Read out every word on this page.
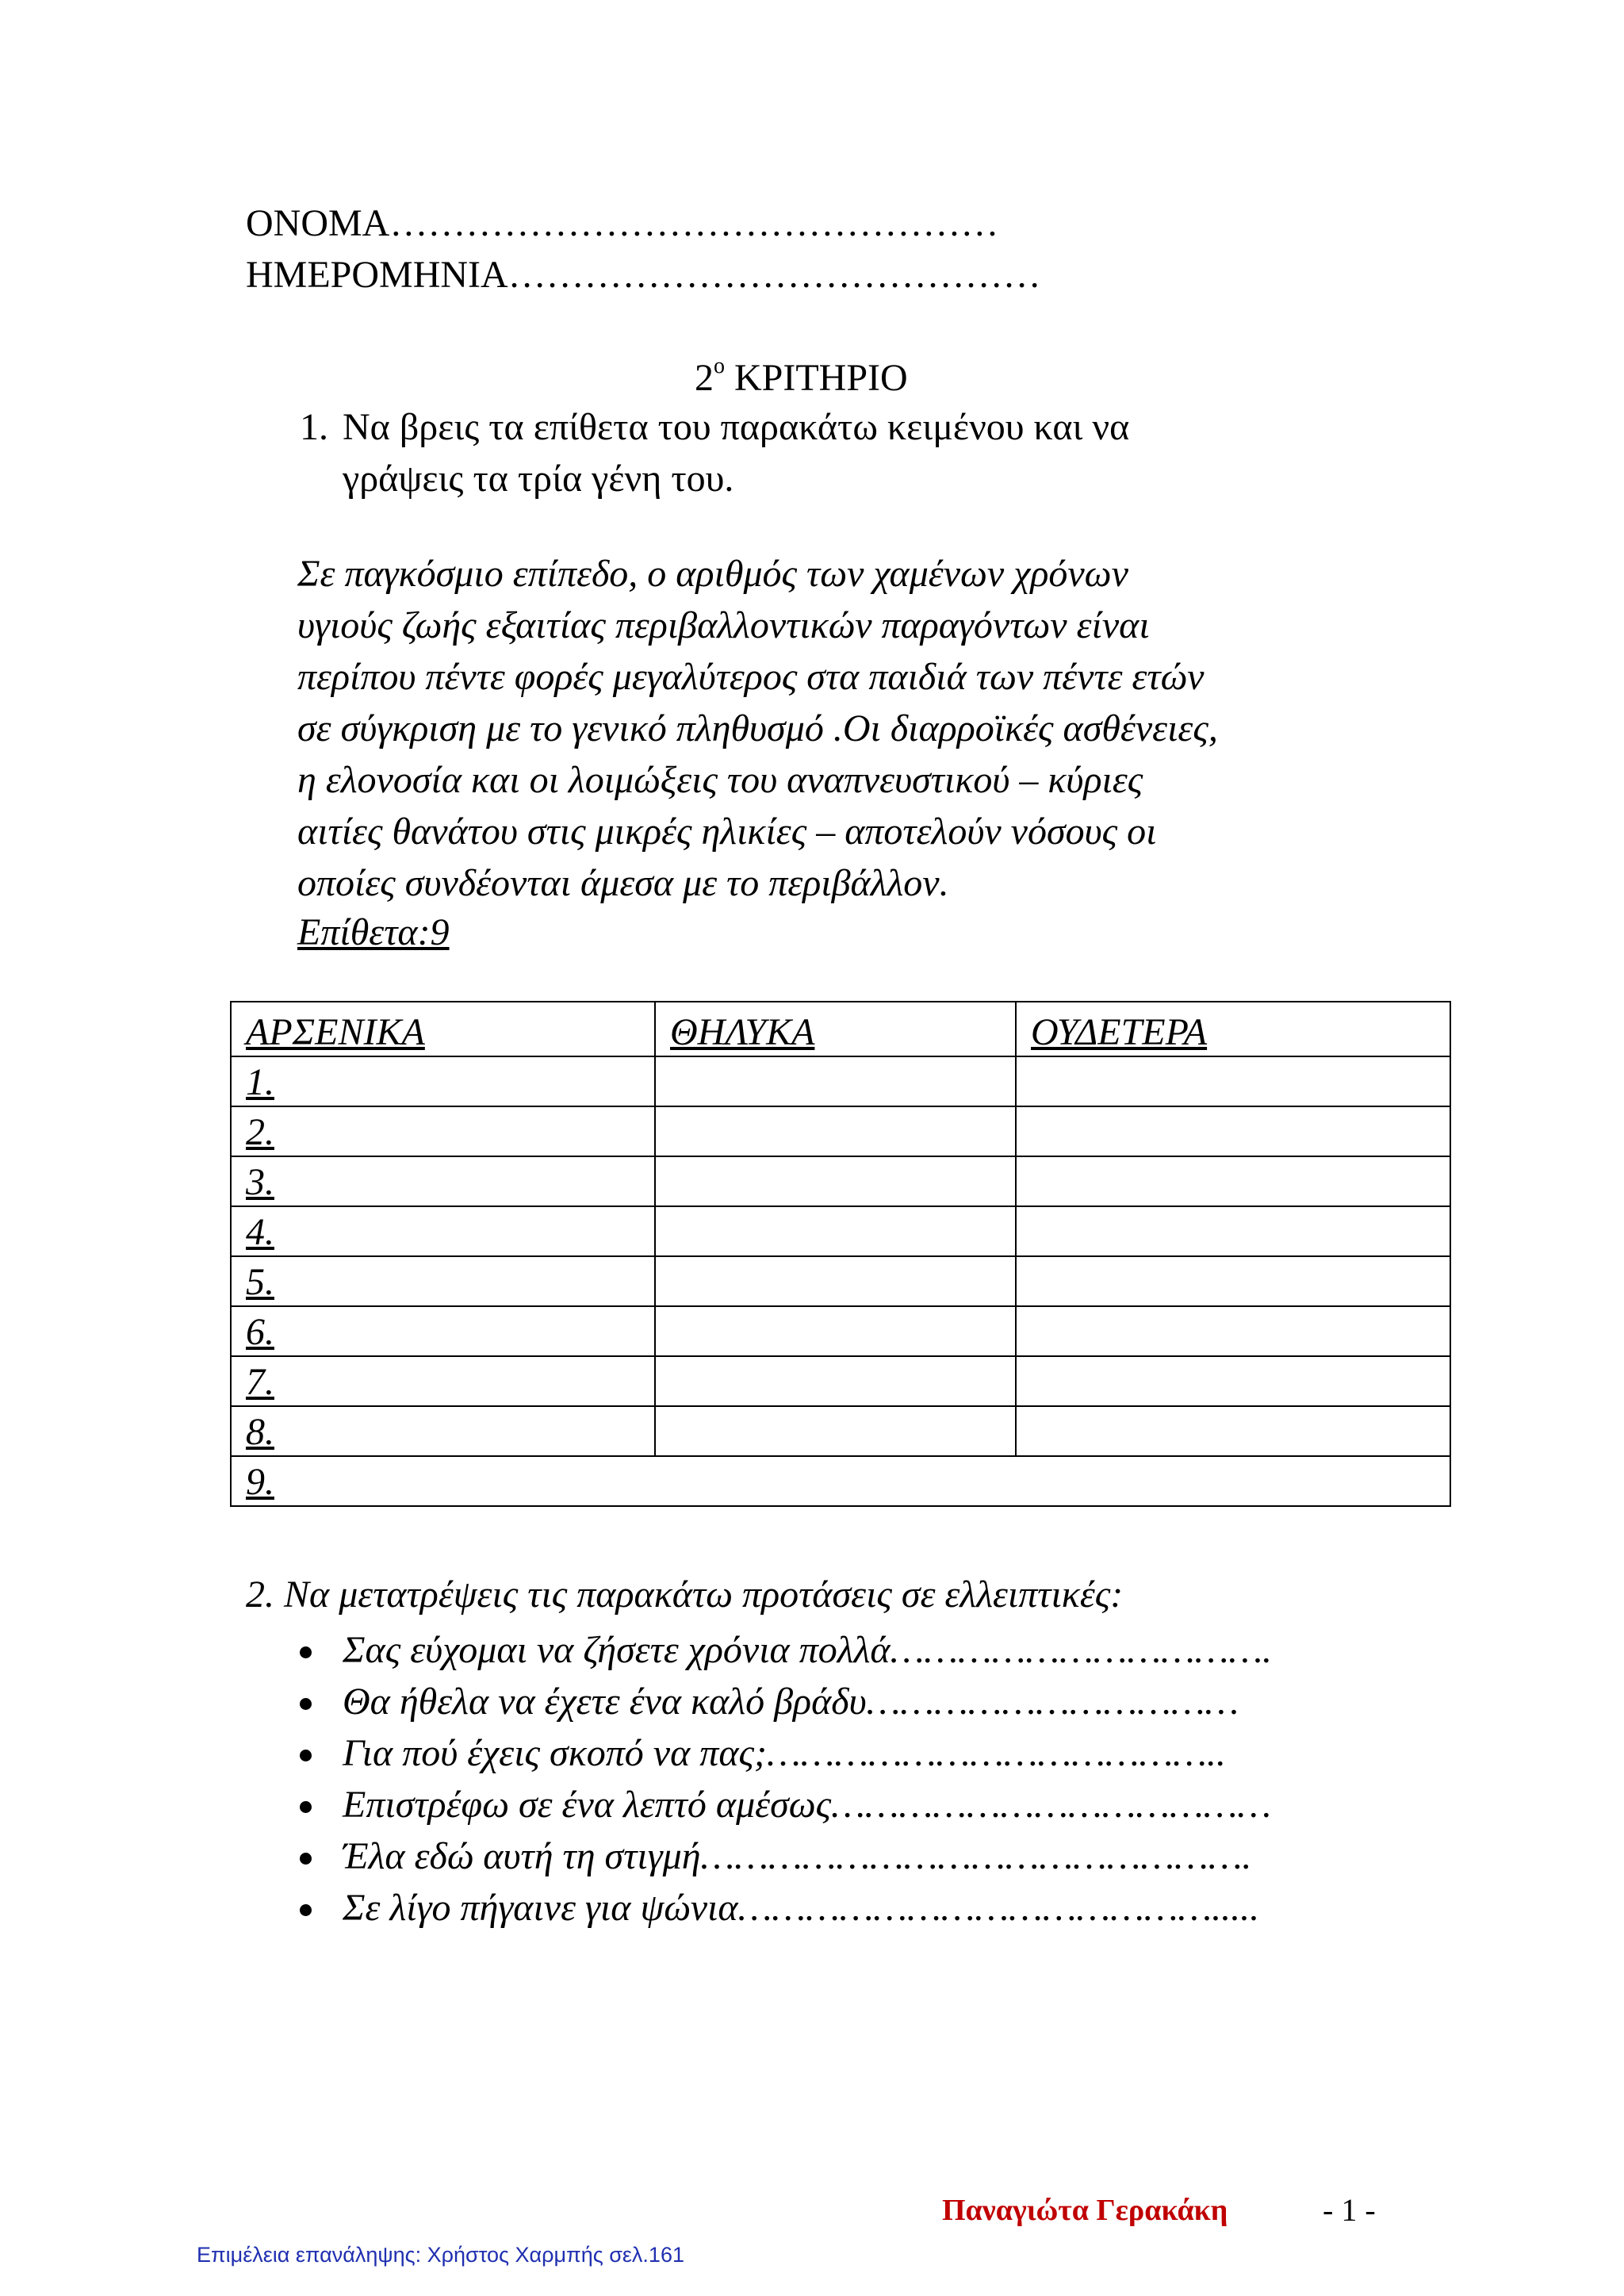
ΟΝΟΜΑ…………………………………………
ΗΜΕΡΟΜΗΝΙΑ……………………………………
$2^o$ ΚΡΙΤΗΡΙΟ
1. Να βρεις τα επίθετα του παρακάτω κειμένου και να
γράψεις τα τρία γένη του.
Σε παγκόσμιο επίπεδο, ο αριθμός των χαμένων χρόνων
υγιούς ζωής εξαιτίας περιβαλλοντικών παραγόντων είναι
περίπου πέντε φορές μεγαλύτερος στα παιδιά των πέντε ετών
σε σύγκριση με το γενικό πληθυσμό .Οι διαρροϊκές ασθένειες,
η ελονοσία και οι λοιμώξεις του αναπνευστικού – κύριες
αιτίες θανάτου στις μικρές ηλικίες – αποτελούν νόσους οι
οποίες συνδέονται άμεσα με το περιβάλλον.
Επίθετα:9
ΑΡΣΕΝΙΚΑ	ΘΗΛΥΚΑ	ΟΥΔΕΤΕΡΑ
1.		
2.		
3.		
4.		
5.		
6.		
7.		
8.		
9.		
2. Να μετατρέψεις τις παρακάτω προτάσεις σε ελλειπτικές:
Σας εύχομαι να ζήσετε χρόνια πολλά…………………………….
Θα ήθελα να έχετε ένα καλό βράδυ……………………………
Για πού έχεις σκοπό να πας;…………………………………..
Επιστρέφω σε ένα λεπτό αμέσως…………………………………
Έλα εδώ αυτή τη στιγμή………………………………………….
Σε λίγο πήγαινε για ψώνια…………………………………….....
Παναγιώτα Γερακάκη	- 1 -
Επιμέλεια επανάληψης: Χρήστος Χαρμπής σελ.161
